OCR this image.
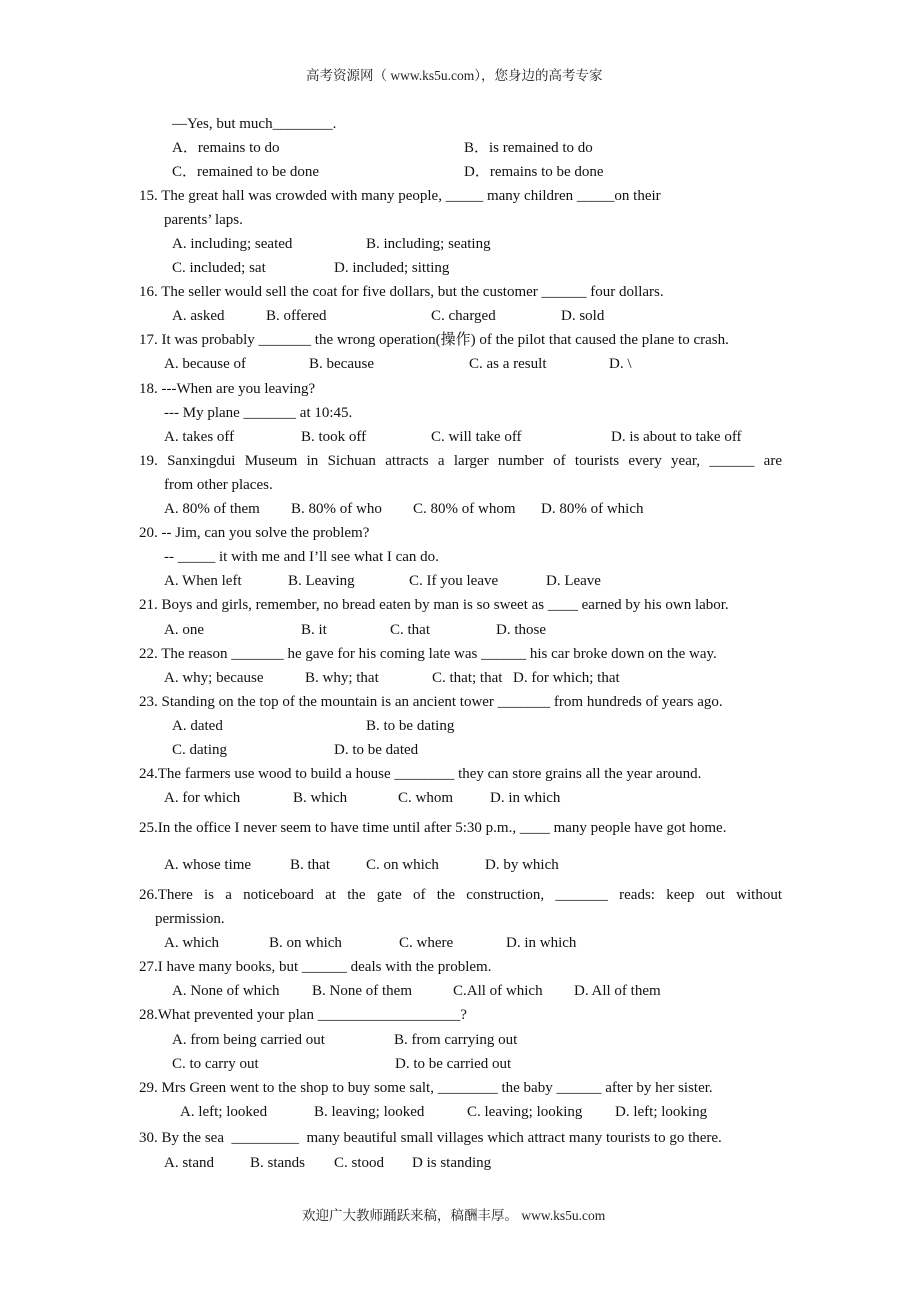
高考资源网（ www.ks5u.com），您身边的高考专家
—Yes, but much________.
A．remains to do	B．is remained to do
C．remained to be done	D．remains to be done
15. The great hall was crowded with many people, _____ many children _____on their
parents’ laps.
A. including; seated	B. including; seating
C. included; sat	D. included; sitting
16. The seller would sell the coat for five dollars, but the customer ______ four dollars.
A. asked	B. offered	C. charged	D. sold
17. It was probably _______ the wrong operation(操作) of the pilot that caused the plane to crash.
A. because of	B. because	C. as a result	D. \
18. ---When are you leaving?
--- My plane _______ at 10:45.
A. takes off	B. took off	C. will take off	D. is about to take off
19. Sanxingdui Museum in Sichuan attracts a larger number of tourists every year, ______ are
from other places.
A. 80% of them B. 80% of who C. 80% of whom D. 80% of which
20. -- Jim, can you solve the problem?
-- _____ it with me and I’ll see what I can do.
A. When left	B. Leaving	C. If you leave	D. Leave
21. Boys and girls, remember, no bread eaten by man is so sweet as ____ earned by his own labor.
A. one	B. it	C. that	D. those
22. The reason _______ he gave for his coming late was ______ his car broke down on the way.
A. why; because	B. why; that	C. that; that D. for which; that
23. Standing on the top of the mountain is an ancient tower _______ from hundreds of years ago.
A. dated	B. to be dating
C. dating	D. to be dated
24.The farmers use wood to build a house ________ they can store grains all the year around.
A. for which	B. which	C. whom D. in which
25.In the office I never seem to have time until after 5:30 p.m., ____ many people have got home.
A. whose time	B. that C. on which	D. by which
26.There is a noticeboard at the gate of the construction, _______ reads: keep out without
permission.
A. which	B. on which	C. where	D. in which
27.I have many books, but ______ deals with the problem.
A. None of which B. None of them	C.All of which D. All of them
28.What prevented your plan ___________________?
A. from being carried out	B. from carrying out
C. to carry out	D. to be carried out
29. Mrs Green went to the shop to buy some salt, ________ the baby ______ after by her sister.
A. left; looked	B. leaving; looked	C. leaving; looking D. left; looking
30. By the sea  _________  many beautiful small villages which attract many tourists to go there.
A. stand B. stands C. stood D is standing
欢迎广大教师踊跃来稿，稿酬丰厚。 www.ks5u.com
